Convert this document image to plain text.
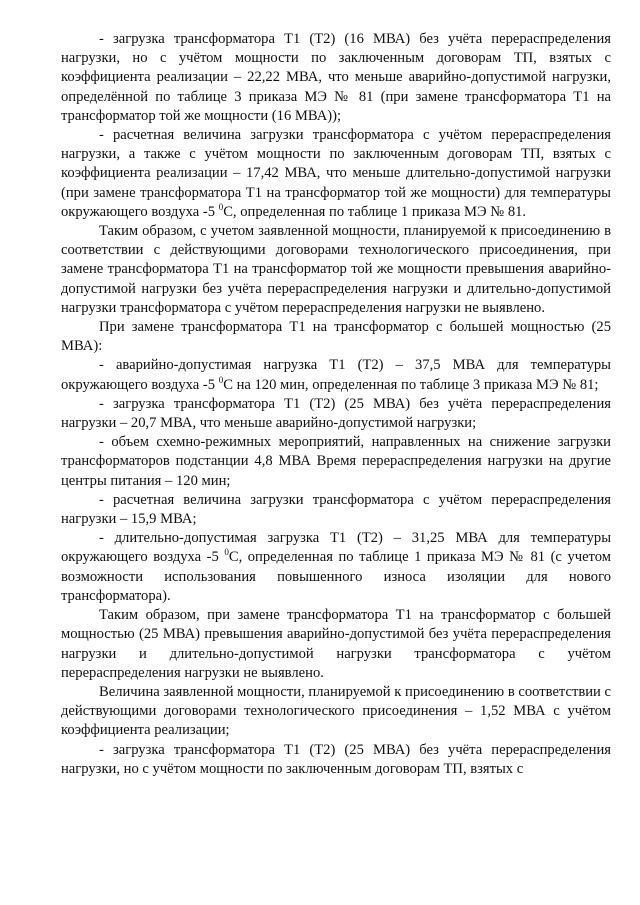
- загрузка трансформатора Т1 (Т2) (16 МВА) без учёта перераспределения нагрузки, но с учётом мощности по заключенным договорам ТП, взятых с коэффициента реализации – 22,22 МВА, что меньше аварийно-допустимой нагрузки, определённой по таблице 3 приказа МЭ № 81 (при замене трансформатора Т1 на трансформатор той же мощности (16 МВА));

- расчетная величина загрузки трансформатора с учётом перераспределения нагрузки, а также с учётом мощности по заключенным договорам ТП, взятых с коэффициента реализации – 17,42 МВА, что меньше длительно-допустимой нагрузки (при замене трансформатора Т1 на трансформатор той же мощности) для температуры окружающего воздуха -5 $^0$С, определенная по таблице 1 приказа МЭ № 81.

Таким образом, с учетом заявленной мощности, планируемой к присоединению в соответствии с действующими договорами технологического присоединения, при замене трансформатора Т1 на трансформатор той же мощности превышения аварийно-допустимой нагрузки без учёта перераспределения нагрузки и длительно-допустимой нагрузки трансформатора с учётом перераспределения нагрузки не выявлено.

При замене трансформатора Т1 на трансформатор с большей мощностью (25 МВА):

- аварийно-допустимая нагрузка Т1 (Т2) – 37,5 МВА для температуры окружающего воздуха -5 $^0$С на 120 мин, определенная по таблице 3 приказа МЭ № 81;

- загрузка трансформатора Т1 (Т2) (25 МВА) без учёта перераспределения нагрузки – 20,7 МВА, что меньше аварийно-допустимой нагрузки;

- объем схемно-режимных мероприятий, направленных на снижение загрузки трансформаторов подстанции 4,8 МВА Время перераспределения нагрузки на другие центры питания – 120 мин;

- расчетная величина загрузки трансформатора с учётом перераспределения нагрузки – 15,9 МВА;

- длительно-допустимая загрузка Т1 (Т2) – 31,25 МВА для температуры окружающего воздуха -5 $^0$С, определенная по таблице 1 приказа МЭ № 81 (с учетом возможности использования повышенного износа изоляции для нового трансформатора).

Таким образом, при замене трансформатора Т1 на трансформатор с большей мощностью (25 МВА) превышения аварийно-допустимой без учёта перераспределения нагрузки и длительно-допустимой нагрузки трансформатора с учётом перераспределения нагрузки не выявлено.

Величина заявленной мощности, планируемой к присоединению в соответствии с действующими договорами технологического присоединения – 1,52 МВА с учётом коэффициента реализации;

- загрузка трансформатора Т1 (Т2) (25 МВА) без учёта перераспределения нагрузки, но с учётом мощности по заключенным договорам ТП, взятых с
